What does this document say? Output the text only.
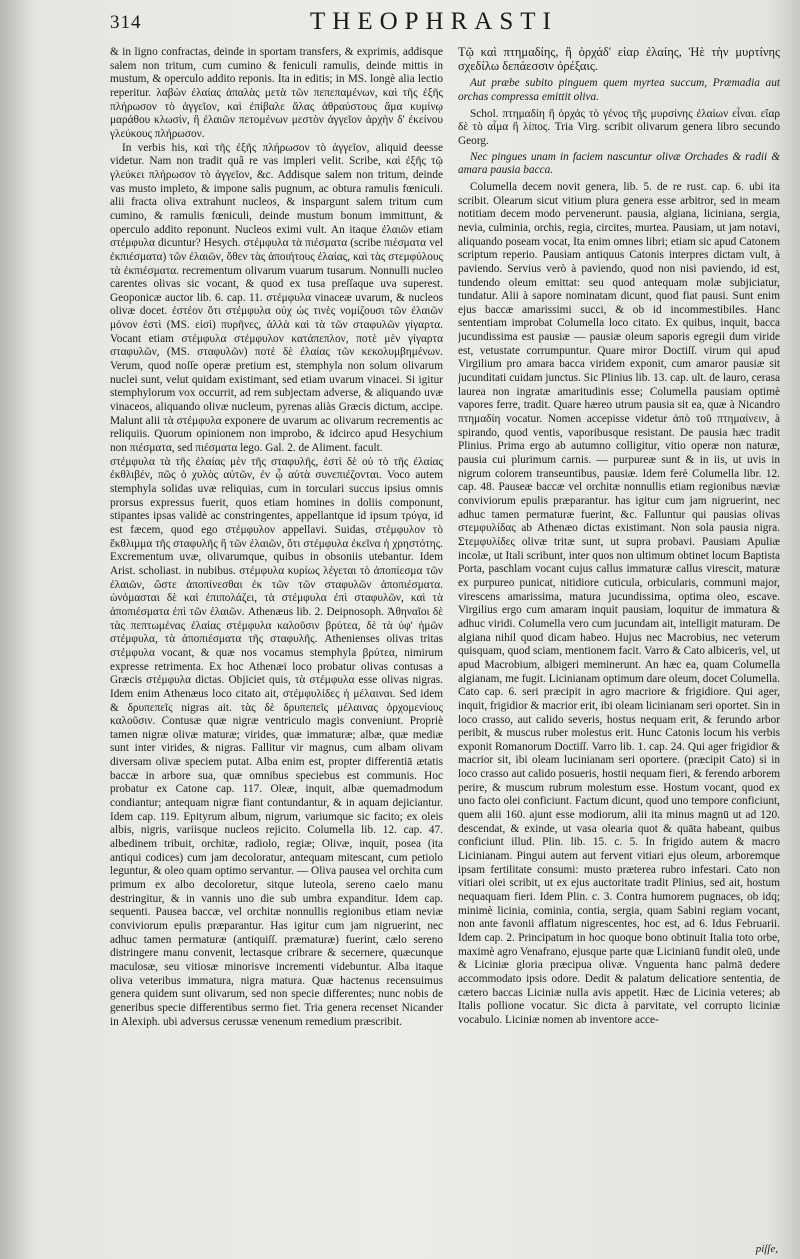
314	THEOPHRASTI

& in ligno confractas, deinde in sportam transfers, & exprimis, addisque salem non tritum, cum cumino & feniculi ramulis, deinde mittis in mustum, & operculo addito reponis. Ita in editis; in MS. longè alia lectio reperitur. λαβὼν ἐλαίας ἀπαλὰς μετὰ τῶν πεπεπαμένων, καὶ τῆς ἐξῆς πλήρωσον τὸ ἀγγεῖον, καὶ ἐπίβαλε ἅλας ἀθραύστους ἅμα κυμίνῳ μαράθου κλωσίν, ἢ ἐλαιῶν πετομένων μεστὸν ἀγγεῖον ἀρχὴν δ' ἐκείνου γλεύκους πλήρωσον.

In verbis his, καὶ τῆς ἐξῆς πλήρωσον τὸ ἀγγεῖον, aliquid deesse videtur. Nam non tradit quâ re vas impleri velit. Scribe, καὶ ἐξῆς τῷ γλεύκει πλήρωσον τὸ ἀγγεῖον, &c. Addisque salem non tritum, deinde vas musto impleto, & impone salis pugnum, ac obtura ramulis fœniculi. alii fracta oliva extrahunt nucleos, & inspargunt salem tritum cum cumino, & ramulis fœniculi, deinde mustum bonum immittunt, & operculo addito reponunt. Nucleos eximi vult. An itaque ἐλαιῶν etiam στέμφυλα dicuntur? Hesych. στέμφυλα τὰ πιέσματα (scribe πιέσματα vel ἐκπιέσματα) τῶν ἐλαιῶν, ὅθεν τὰς ἀποιήτους ἐλαίας, καὶ τὰς στεμφύλους τὰ ἐκπιέσματα. recrementum olivarum vuarum tusarum. Nonnulli nucleo carentes olivas sic vocant, & quod ex tusa preſſaque uva superest. Geoponicæ auctor lib. 6. cap. 11. στέμφυλα vinaceæ uvarum, & nucleos olivæ docet. ἐστέον ὅτι στέμφυλα οὐχ ὡς τινὲς νομίζουσι τῶν ἐλαιῶν μόνον ἐστὶ (MS. εἰσὶ) πυρῆνες, ἀλλὰ καὶ τὰ τῶν σταφυλῶν γίγαρτα. Vocant etiam στέμφυλα στέμφυλον κατάπεπλον, ποτὲ μὲν γίγαρτα σταφυλῶν, (MS. σταφυλῶν) ποτὲ δὲ ἐλαίας τῶν κεκολυμβημένων. Verum, quod noſſe operæ pretium est, stemphyla non solum olivarum nuclei sunt, velut quidam existimant, sed etiam uvarum vinacei. Si igitur stemphylorum vox occurrit, ad rem subjectam adverse, & aliquando uvæ vinaceos, aliquando olivæ nucleum, pyrenas aliàs Græcis dictum, accipe. Malunt alii τὰ στέμφυλα exponere de uvarum ac olivarum recrementis ac reliquiis. Quorum opinionem non improbo, & idcirco apud Hesychium non πιέσματα, sed πιέσματα lego. Gal. 2. de Aliment. facult.

στέμφυλα τὰ τῆς ἐλαίας μὲν τῆς σταφυλῆς, ἐστὶ δὲ οὐ τὸ τῆς ἐλαίας ἐκθλιβέν, πῶς ὁ χυλὸς αὐτῶν, ἐν ᾧ αὐτὰ συνεπιέζονται. Voco autem stemphyla solidas uvæ reliquias, cum in torculari succus ipsius omnis prorsus expressus fuerit, quos etiam homines in doliis componunt, stipantes ipsas validè ac constringentes, appellantque id ipsum τρύγα, id est fæcem, quod ego στέμφυλον appellavi. Suidas, στέμφυλον τὸ ἔκθλιμμα τῆς σταφυλῆς ἢ τῶν ἐλαιῶν, ὅτι στέμφυλα ἐκεῖνα ἡ χρηστότης. Excrementum uvæ, olivarumque, quibus in obsoniis utebantur. Idem Arist. scholiast. in nubibus. στέμφυλα κυρίως λέγεται τὸ ἀποπίεσμα τῶν ἐλαιῶν, ὥστε ἀποπίνεσθαι ἐκ τῶν τῶν σταφυλῶν ἀποπιέσματα. ὠνόμασται δὲ καὶ ἐπιπολάζει, τὰ στέμφυλα ἐπὶ σταφυλῶν, καὶ τὰ ἀποπιέσματα ἐπὶ τῶν ἐλαιῶν. Athenæus lib. 2. Deipnosoph. Ἀθηναῖοι δὲ τὰς πεπτωμένας ἐλαίας στέμφυλα καλοῦσιν βρύτεα, δὲ τὰ ὑφ' ἡμῶν στέμφυλα, τὰ ἀποπιέσματα τῆς σταφυλῆς. Athenienses olivas tritas στέμφυλα vocant, & quæ nos vocamus stemphyla βρύτεα, nimirum expresse retrimenta. Ex hoc Athenæi loco probatur olivas contusas a Græcis στέμφυλα dictas. Objiciet quis, τὰ στέμφυλα esse olivas nigras. Idem enim Athenæus loco citato ait, στέμφυλίδες ἡ μέλαιναι. Sed idem & δρυπεπεῖς nigras ait. τὰς δὲ δρυπεπεῖς μέλαινας ὀρχομενίους καλοῦσιν. Contusæ quæ nigræ ventriculo magis conveniunt. Propriè tamen nigræ olivæ maturæ; virides, quæ immaturæ; albæ, quæ mediæ sunt inter virides, & nigras. Fallitur vir magnus, cum albam olivam diversam olivæ speciem putat. Alba enim est, propter differentiā ætatis baccæ in arbore sua, quæ omnibus speciebus est communis. Hoc probatur ex Catone cap. 117. Oleæ, inquit, albæ quemadmodum condiantur; antequam nigræ fiant contundantur, & in aquam dejiciantur. Idem cap. 119. Epityrum album, nigrum, variumque sic facito; ex oleis albis, nigris, variisque nucleos rejicito. Columella lib. 12. cap. 47. albedinem tribuit, orchitæ, radiolo, regiæ; Olivæ, inquit, posea (ita antiqui codices) cum jam decoloratur, antequam mitescant, cum petiolo leguntur, & oleo quam optimo servantur. — Oliva pausea vel orchita cum primum ex albo decoloretur, sitque luteola, sereno caelo manu destringitur, & in vannis uno die sub umbra expanditur. Idem cap. sequenti. Pausea baccæ, vel orchitæ nonnullis regionibus etiam neviæ conviviorum epulis præparantur. Has igitur cum jam nigruerint, nec adhuc tamen permaturæ (antiquiſſ. præmaturæ) fuerint, cælo sereno distringere manu convenit, lectasque cribrare & secernere, quæcunque maculosæ, seu vitiosæ minorisve incrementi videbuntur. Alba itaque oliva veteribus immatura, nigra matura. Quæ hactenus recensuimus genera quidem sunt olivarum, sed non specie differentes; nunc nobis de generibus specie differentibus sermo fiet. Tria genera recenset Nicander in Alexiph. ubi adversus cerussæ venenum remedium præscribit.

Τῷ καὶ πτημαδίης, ἢ ὀρχάδ' εἰαρ ἐλαίης, Ἠὲ τὴν μυρτίνης σχεδίλω δεπάεσσιν ὀρέξαις.

Aut præbe subito pinguem quem myrtea succum, Præmadia aut orchas compressa emittit oliva.

Schol. πτημαδίη ἢ ὀρχάς τὸ γένος τῆς μυρσίνης ἐλαίων εἶναι. εἴαρ δὲ τὸ αἷμα ἢ λίπος. Tria Virg. scribit olivarum genera libro secundo Georg.

Nec pingues unam in faciem nascuntur olivæ Orchades & radii & amara pausia bacca.

Columella decem novit genera, lib. 5. de re rust. cap. 6. ubi ita scribit. Olearum sicut vitium plura genera esse arbitror, sed in meam notitiam decem modo pervenerunt. pausia, algiana, liciniana, sergia, nevia, culminia, orchis, regia, circites, murtea. Pausiam, ut jam notavi, aliquando poseam vocat, Ita enim omnes libri; etiam sic apud Catonem scriptum reperio. Pausiam antiquus Catonis interpres dictam vult, à paviendo. Servius verò à paviendo, quod non nisi paviendo, id est, tundendo oleum emittat: seu quod antequam molæ subjiciatur, tundatur. Alii à sapore nominatam dicunt, quod fiat pausi. Sunt enim ejus baccæ amarissimi succi, & ob id incommestibiles. Hanc sententiam improbat Columella loco citato. Ex quibus, inquit, bacca jucundissima est pausiæ — pausiæ oleum saporis egregii dum viride est, vetustate corrumpuntur. Quare miror Doctiſſ. virum qui apud Virgilium pro amara bacca viridem exponit, cum amaror pausiæ sit jucunditati cuidam junctus. Sic Plinius lib. 13. cap. ult. de lauro, cerasa laurea non ingratæ amaritudinis esse; Columella pausiam optimè vapores ferre, tradit. Quare hæreo utrum pausia sit ea, quæ à Nicandro πτημαδίη vocatur. Nomen accepisse videtur ἀπὸ τοῦ πτημαίνειν, à spirando, quod ventis, vaporibusque resistant. De pausia hæc tradit Plinius. Prima ergo ab autumno colligitur, vitio operæ non naturæ, pausia cui plurimum carnis. — purpureæ sunt & in iis, ut uvis in nigrum colorem transeuntibus, pausiæ. Idem ferè Columella libr. 12. cap. 48. Pauseæ baccæ vel orchitæ nonnullis etiam regionibus næviæ conviviorum epulis præparantur. has igitur cum jam nigruerint, nec adhuc tamen permaturæ fuerint, &c. Falluntur qui pausias olivas στεμφυλίδας ab Athenæo dictas existimant. Non sola pausia nigra. Στεμφυλίδες olivæ tritæ sunt, ut supra probavi. Pausiam Apuliæ incolæ, ut Itali scribunt, inter quos non ultimum obtinet locum Baptista Porta, paschlam vocant cujus callus immaturæ callus virescit, maturæ ex purpureo punicat, nitidiore cuticula, orbicularis, communi major, virescens amarissima, matura jucundissima, optima oleo, escave. Virgilius ergo cum amaram inquit pausiam, loquitur de immatura & adhuc viridi. Columella vero cum jucundam ait, intelligit maturam. De algiana nihil quod dicam habeo. Hujus nec Macrobius, nec veterum quisquam, quod sciam, mentionem facit. Varro & Cato albiceris, vel, ut apud Macrobium, albigeri meminerunt. An hæc ea, quam Columella algianam, me fugit. Licinianam optimum dare oleum, docet Columella. Cato cap. 6. seri præcipit in agro macriore & frigidiore. Qui ager, inquit, frigidior & macrior erit, ibi oleam licinianam seri oportet. Sin in loco crasso, aut calido severis, hostus nequam erit, & ferundo arbor peribit, & muscus ruber molestus erit. Hunc Catonis locum his verbis exponit Romanorum Doctiſſ. Varro lib. 1. cap. 24. Qui ager frigidior & macrior sit, ibi oleam lucinianam seri oportere. (præcipit Cato) si in loco crasso aut calido posueris, hostii nequam fieri, & ferendo arborem perire, & muscum rubrum molestum esse. Hostum vocant, quod ex uno facto olei conficiunt. Factum dicunt, quod uno tempore conficiunt, quem alii 160. ajunt esse modiorum, alii ita minus magnū ut ad 120. descendat, & exinde, ut vasa olearia quot & quāta habeant, quibus conficiunt illud. Plin. lib. 15. c. 5. In frigido autem & macro Licinianam. Pingui autem aut fervent vitiari ejus oleum, arboremque ipsam fertilitate consumi: musto præterea rubro infestari. Cato non vitiari olei scribit, ut ex ejus auctoritate tradit Plinius, sed ait, hostum nequaquam fieri. Idem Plin. c. 3. Contra humorem pugnaces, ob idq; minimè licinia, cominia, contia, sergia, quam Sabini regiam vocant, non ante favonii afflatum nigrescentes, hoc est, ad 6. Idus Februarii. Idem cap. 2. Principatum in hoc quoque bono obtinuit Italia toto orbe, maximè agro Venafrano, ejusque parte quæ Licinianū fundit oleū, unde & Liciniæ gloria præcipua olivæ. Vnguenta hanc palmā dedere accommodato ipsis odore. Dedit & palatum delicatiore sententia, de cætero baccas Liciniæ nulla avis appetit. Hæc de Licinia veteres; ab Italis pollione vocatur. Sic dicta à parvitate, vel corrupto liciniæ vocabulo. Liciniæ nomen ab inventore acce-

piſſe,
